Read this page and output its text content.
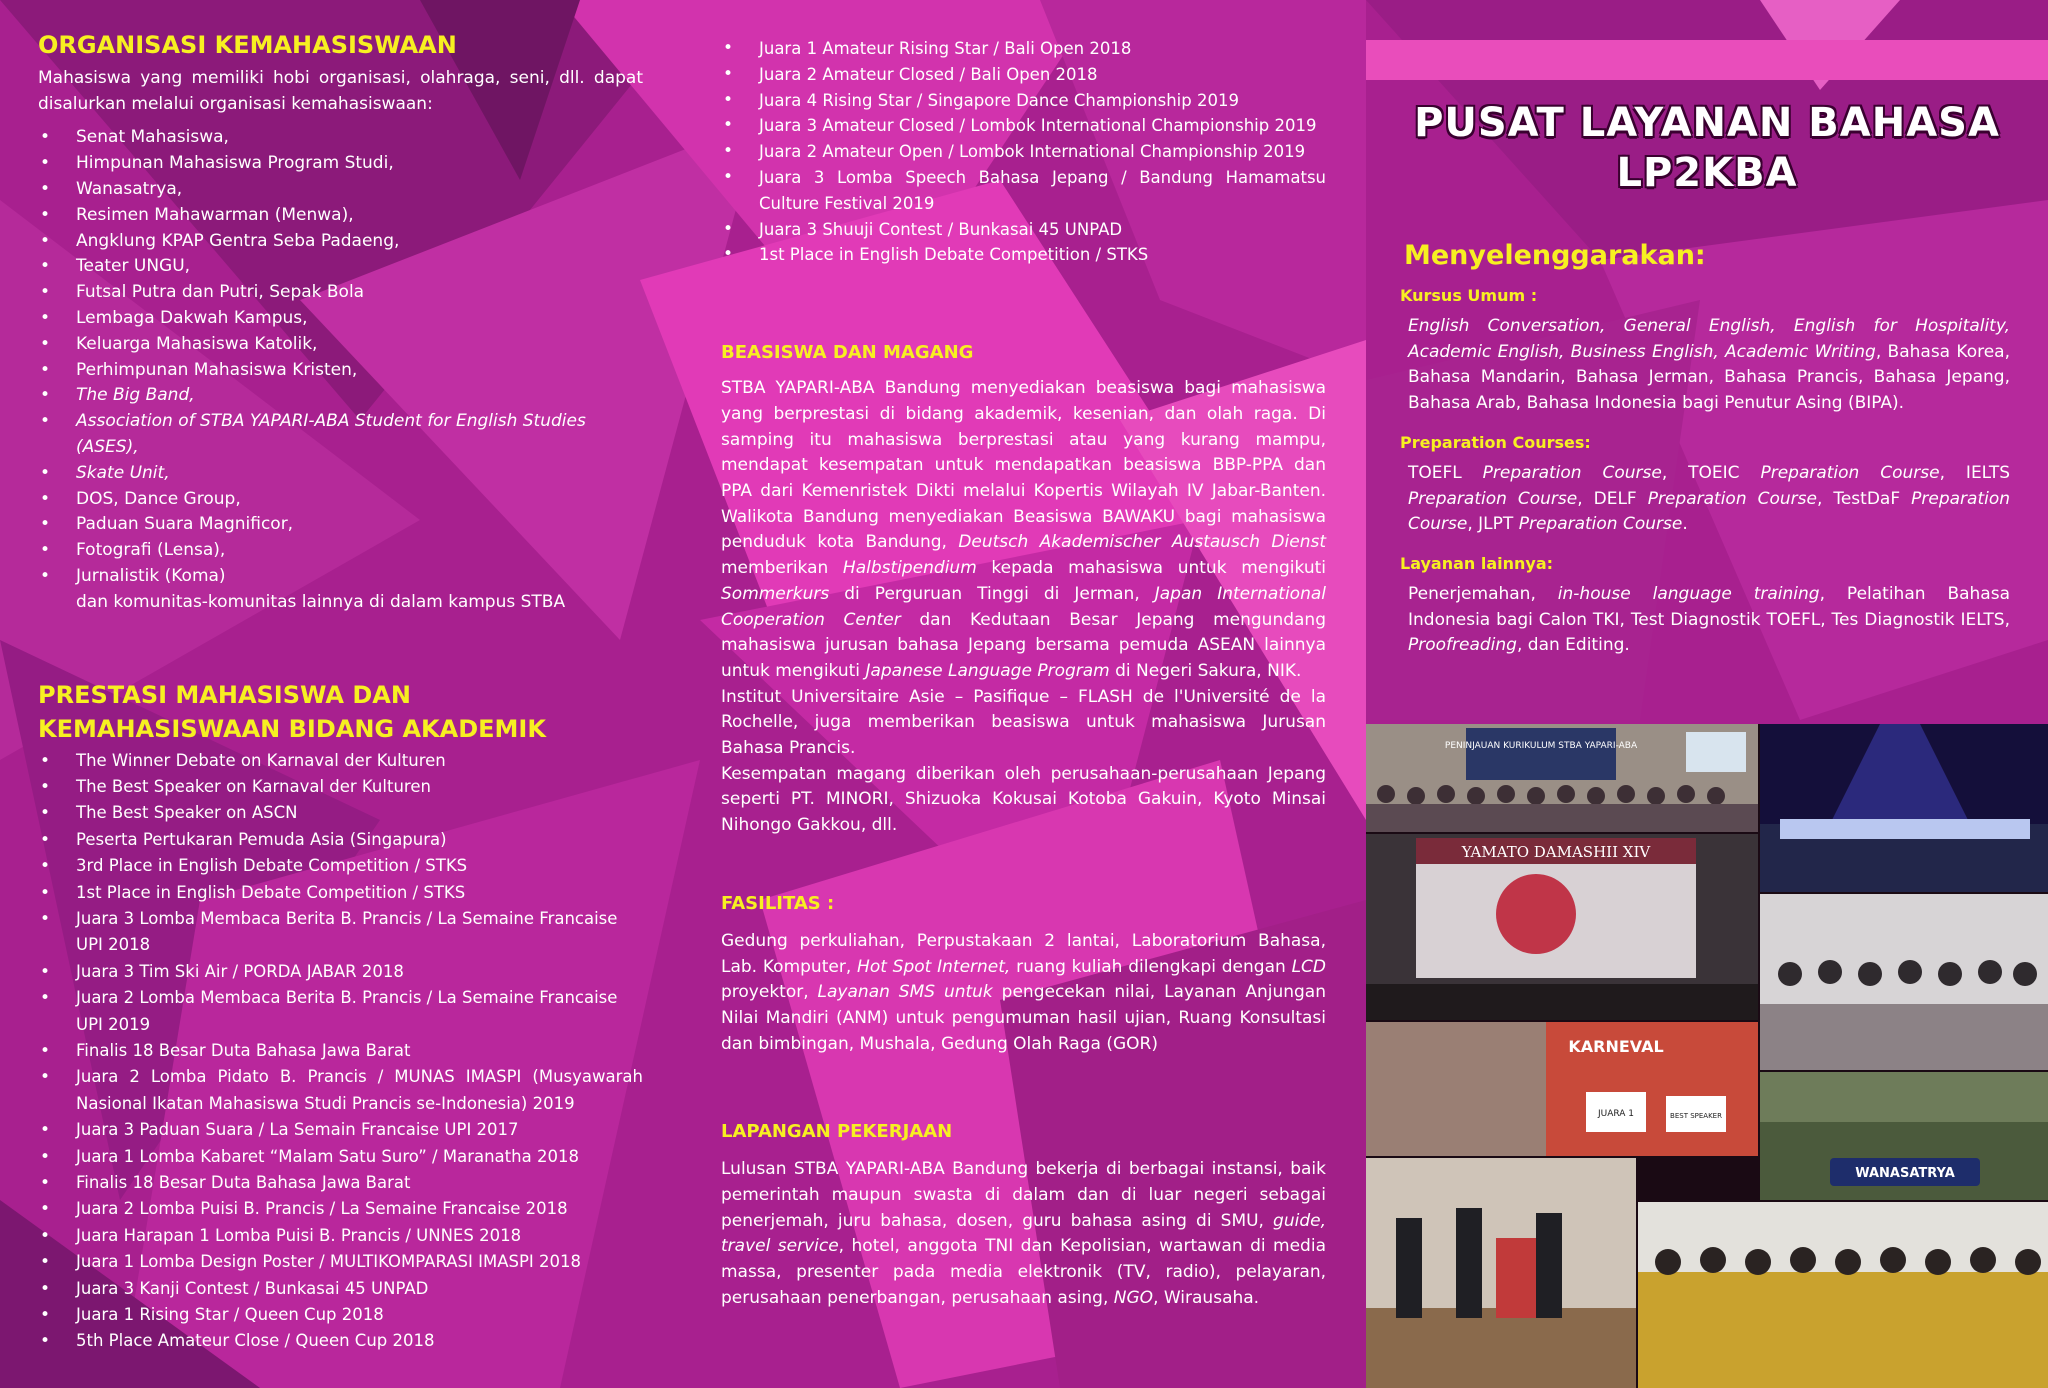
ORGANISASI KEMAHASISWAAN

Mahasiswa yang memiliki hobi organisasi, olahraga, seni, dll. dapat disalurkan melalui organisasi kemahasiswaan:

• Senat Mahasiswa,
• Himpunan Mahasiswa Program Studi,
• Wanasatrya,
• Resimen Mahawarman (Menwa),
• Angklung KPAP Gentra Seba Padaeng,
• Teater UNGU,
• Futsal Putra dan Putri, Sepak Bola
• Lembaga Dakwah Kampus,
• Keluarga Mahasiswa Katolik,
• Perhimpunan Mahasiswa Kristen,
• The Big Band,
• Association of STBA YAPARI-ABA Student for English Studies (ASES),
• Skate Unit,
• DOS, Dance Group,
• Paduan Suara Magnificor,
• Fotografi (Lensa),
• Jurnalistik (Koma)
dan komunitas-komunitas lainnya di dalam kampus STBA
PRESTASI MAHASISWA DAN KEMAHASISWAAN BIDANG AKADEMIK
• The Winner Debate on Karnaval der Kulturen
• The Best Speaker on Karnaval der Kulturen
• The Best Speaker on ASCN
• Peserta Pertukaran Pemuda Asia (Singapura)
• 3rd Place in English Debate Competition / STKS
• 1st Place in English Debate Competition / STKS
• Juara 3 Lomba Membaca Berita B. Prancis / La Semaine Francaise UPI 2018
• Juara 3 Tim Ski Air / PORDA JABAR 2018
• Juara 2 Lomba Membaca Berita B. Prancis / La Semaine Francaise UPI 2019
• Finalis 18 Besar Duta Bahasa Jawa Barat
• Juara 2 Lomba Pidato B. Prancis / MUNAS IMASPI (Musyawarah Nasional Ikatan Mahasiswa Studi Prancis se-Indonesia) 2019
• Juara 3 Paduan Suara / La Semain Francaise UPI 2017
• Juara 1 Lomba Kabaret “Malam Satu Suro” / Maranatha 2018
• Finalis 18 Besar Duta Bahasa Jawa Barat
• Juara 2 Lomba Puisi B. Prancis / La Semaine Francaise 2018
• Juara Harapan 1 Lomba Puisi B. Prancis / UNNES 2018
• Juara 1 Lomba Design Poster / MULTIKOMPARASI IMASPI 2018
• Juara 3 Kanji Contest / Bunkasai 45 UNPAD
• Juara 1 Rising Star / Queen Cup 2018
• 5th Place Amateur Close / Queen Cup 2018
• Juara 1 Amateur Rising Star / Bali Open 2018
• Juara 2 Amateur Closed / Bali Open 2018
• Juara 4 Rising Star / Singapore Dance Championship 2019
• Juara 3 Amateur Closed / Lombok International Championship 2019
• Juara 2 Amateur Open / Lombok International Championship 2019
• Juara 3 Lomba Speech Bahasa Jepang / Bandung Hamamatsu Culture Festival 2019
• Juara 3 Shuuji Contest / Bunkasai 45 UNPAD
• 1st Place in English Debate Competition / STKS
BEASISWA DAN MAGANG

STBA YAPARI-ABA Bandung menyediakan beasiswa bagi mahasiswa yang berprestasi di bidang akademik, kesenian, dan olah raga. Di samping itu mahasiswa berprestasi atau yang kurang mampu, mendapat kesempatan untuk mendapatkan beasiswa BBP-PPA dan PPA dari Kemenristek Dikti melalui Kopertis Wilayah IV Jabar-Banten. Walikota Bandung menyediakan Beasiswa BAWAKU bagi mahasiswa penduduk kota Bandung, Deutsch Akademischer Austausch Dienst memberikan Halbstipendium kepada mahasiswa untuk mengikuti Sommerkurs di Perguruan Tinggi di Jerman, Japan International Cooperation Center dan Kedutaan Besar Jepang mengundang mahasiswa jurusan bahasa Jepang bersama pemuda ASEAN lainnya untuk mengikuti Japanese Language Program di Negeri Sakura, NIK.

Institut Universitaire Asie – Pasifique – FLASH de l'Université de la Rochelle, juga memberikan beasiswa untuk mahasiswa Jurusan Bahasa Prancis.

Kesempatan magang diberikan oleh perusahaan-perusahaan Jepang seperti PT. MINORI, Shizuoka Kokusai Kotoba Gakuin, Kyoto Minsai Nihongo Gakkou, dll.

FASILITAS :

Gedung perkuliahan, Perpustakaan 2 lantai, Laboratorium Bahasa, Lab. Komputer, Hot Spot Internet, ruang kuliah dilengkapi dengan LCD proyektor, Layanan SMS untuk pengecekan nilai, Layanan Anjungan Nilai Mandiri (ANM) untuk pengumuman hasil ujian, Ruang Konsultasi dan bimbingan, Mushala, Gedung Olah Raga (GOR)

LAPANGAN PEKERJAAN

Lulusan STBA YAPARI-ABA Bandung bekerja di berbagai instansi, baik pemerintah maupun swasta di dalam dan di luar negeri sebagai penerjemah, juru bahasa, dosen, guru bahasa asing di SMU, guide, travel service, hotel, anggota TNI dan Kepolisian, wartawan di media massa, presenter pada media elektronik (TV, radio), pelayaran, perusahaan penerbangan, perusahaan asing, NGO, Wirausaha.

PUSAT LAYANAN BAHASA
LP2KBA
Menyelenggarakan:
Kursus Umum :

English Conversation, General English, English for Hospitality, Academic English, Business English, Academic Writing, Bahasa Korea, Bahasa Mandarin, Bahasa Jerman, Bahasa Prancis, Bahasa Jepang, Bahasa Arab, Bahasa Indonesia bagi Penutur Asing (BIPA).

Preparation Courses:

TOEFL Preparation Course, TOEIC Preparation Course, IELTS Preparation Course, DELF Preparation Course, TestDaF Preparation Course, JLPT Preparation Course.

Layanan lainnya:

Penerjemahan, in-house language training, Pelatihan Bahasa Indonesia bagi Calon TKI, Test Diagnostik TOEFL, Tes Diagnostik IELTS, Proofreading, dan Editing.

PENINJAUAN KURIKULUM STBA YAPARI-ABA
YAMATO DAMASHII XIV
KARNEVAL
JUARA 1	BEST SPEAKER
WANASATRYA
